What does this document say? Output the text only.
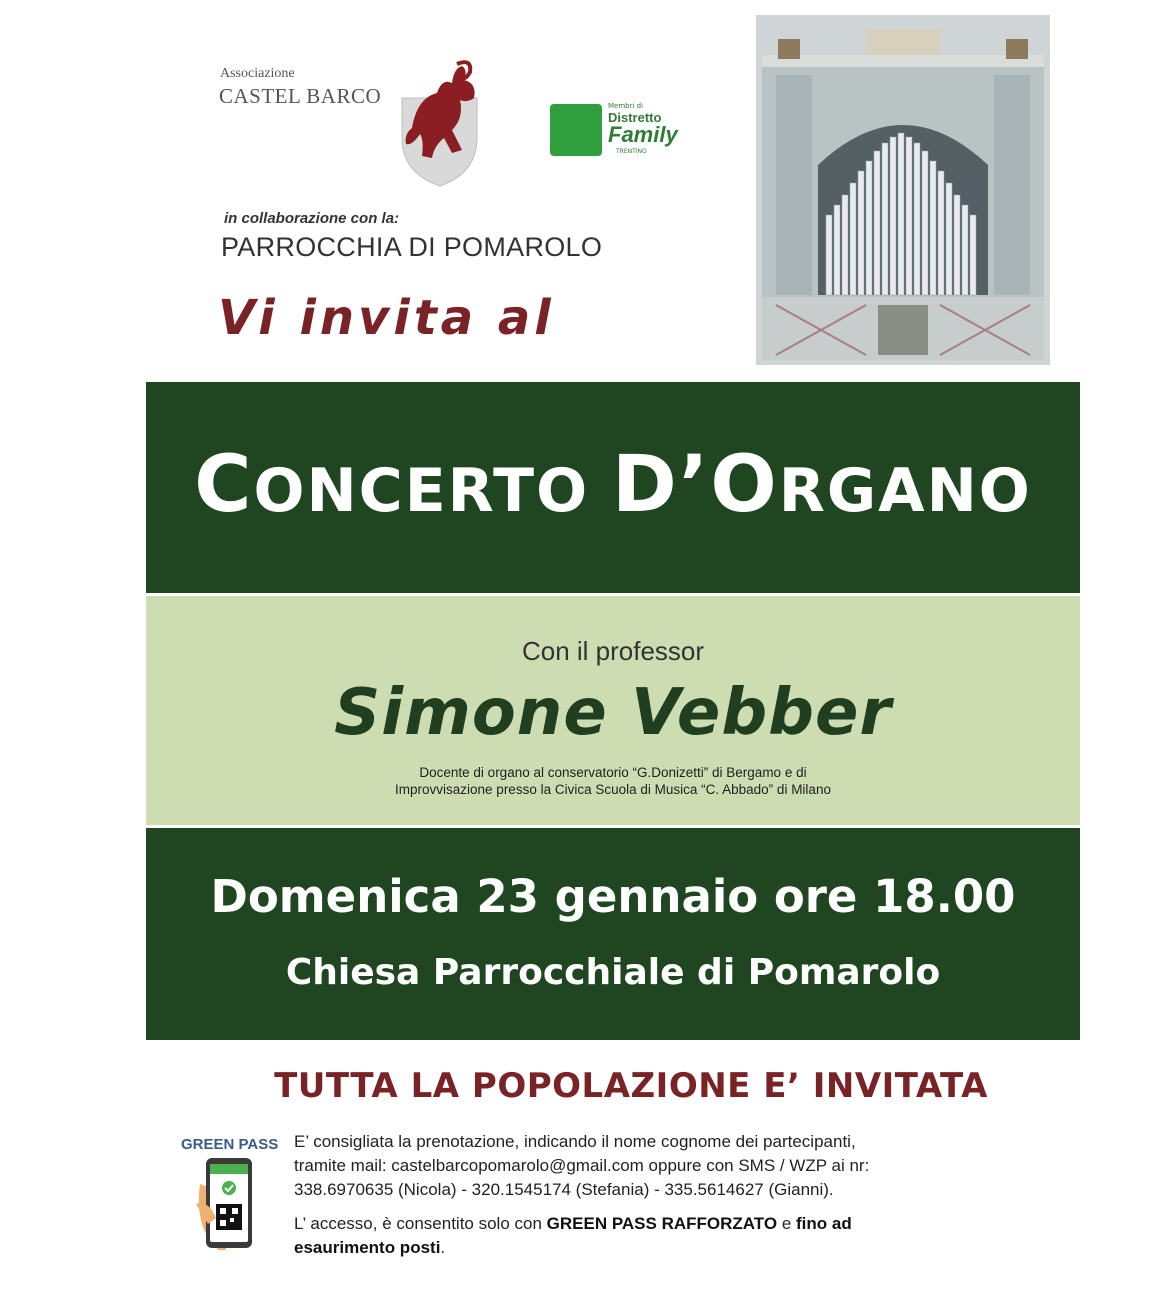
Associazione
CASTEL BARCO	Membri di
Distretto
Family
TRENTINO
in collaborazione con la:
PARROCCHIA DI POMAROLO
Vi invita al
CONCERTO D’ORGANO
Con il professor
Simone Vebber
Docente di organo al conservatorio “G.Donizetti” di Bergamo e di
Improvvisazione presso la Civica Scuola di Musica “C. Abbado” di Milano
Domenica 23 gennaio ore 18.00
Chiesa Parrocchiale di Pomarolo
TUTTA LA POPOLAZIONE E’ INVITATA
GREEN PASS E’ consigliata la prenotazione, indicando il nome cognome dei partecipanti,

tramite mail: castelbarcopomarolo@gmail.com oppure con SMS / WZP ai nr:

338.6970635 (Nicola) - 320.1545174 (Stefania) - 335.5614627 (Gianni).

L’ accesso, è consentito solo con GREEN PASS RAFFORZATO e fino ad

esaurimento posti.
